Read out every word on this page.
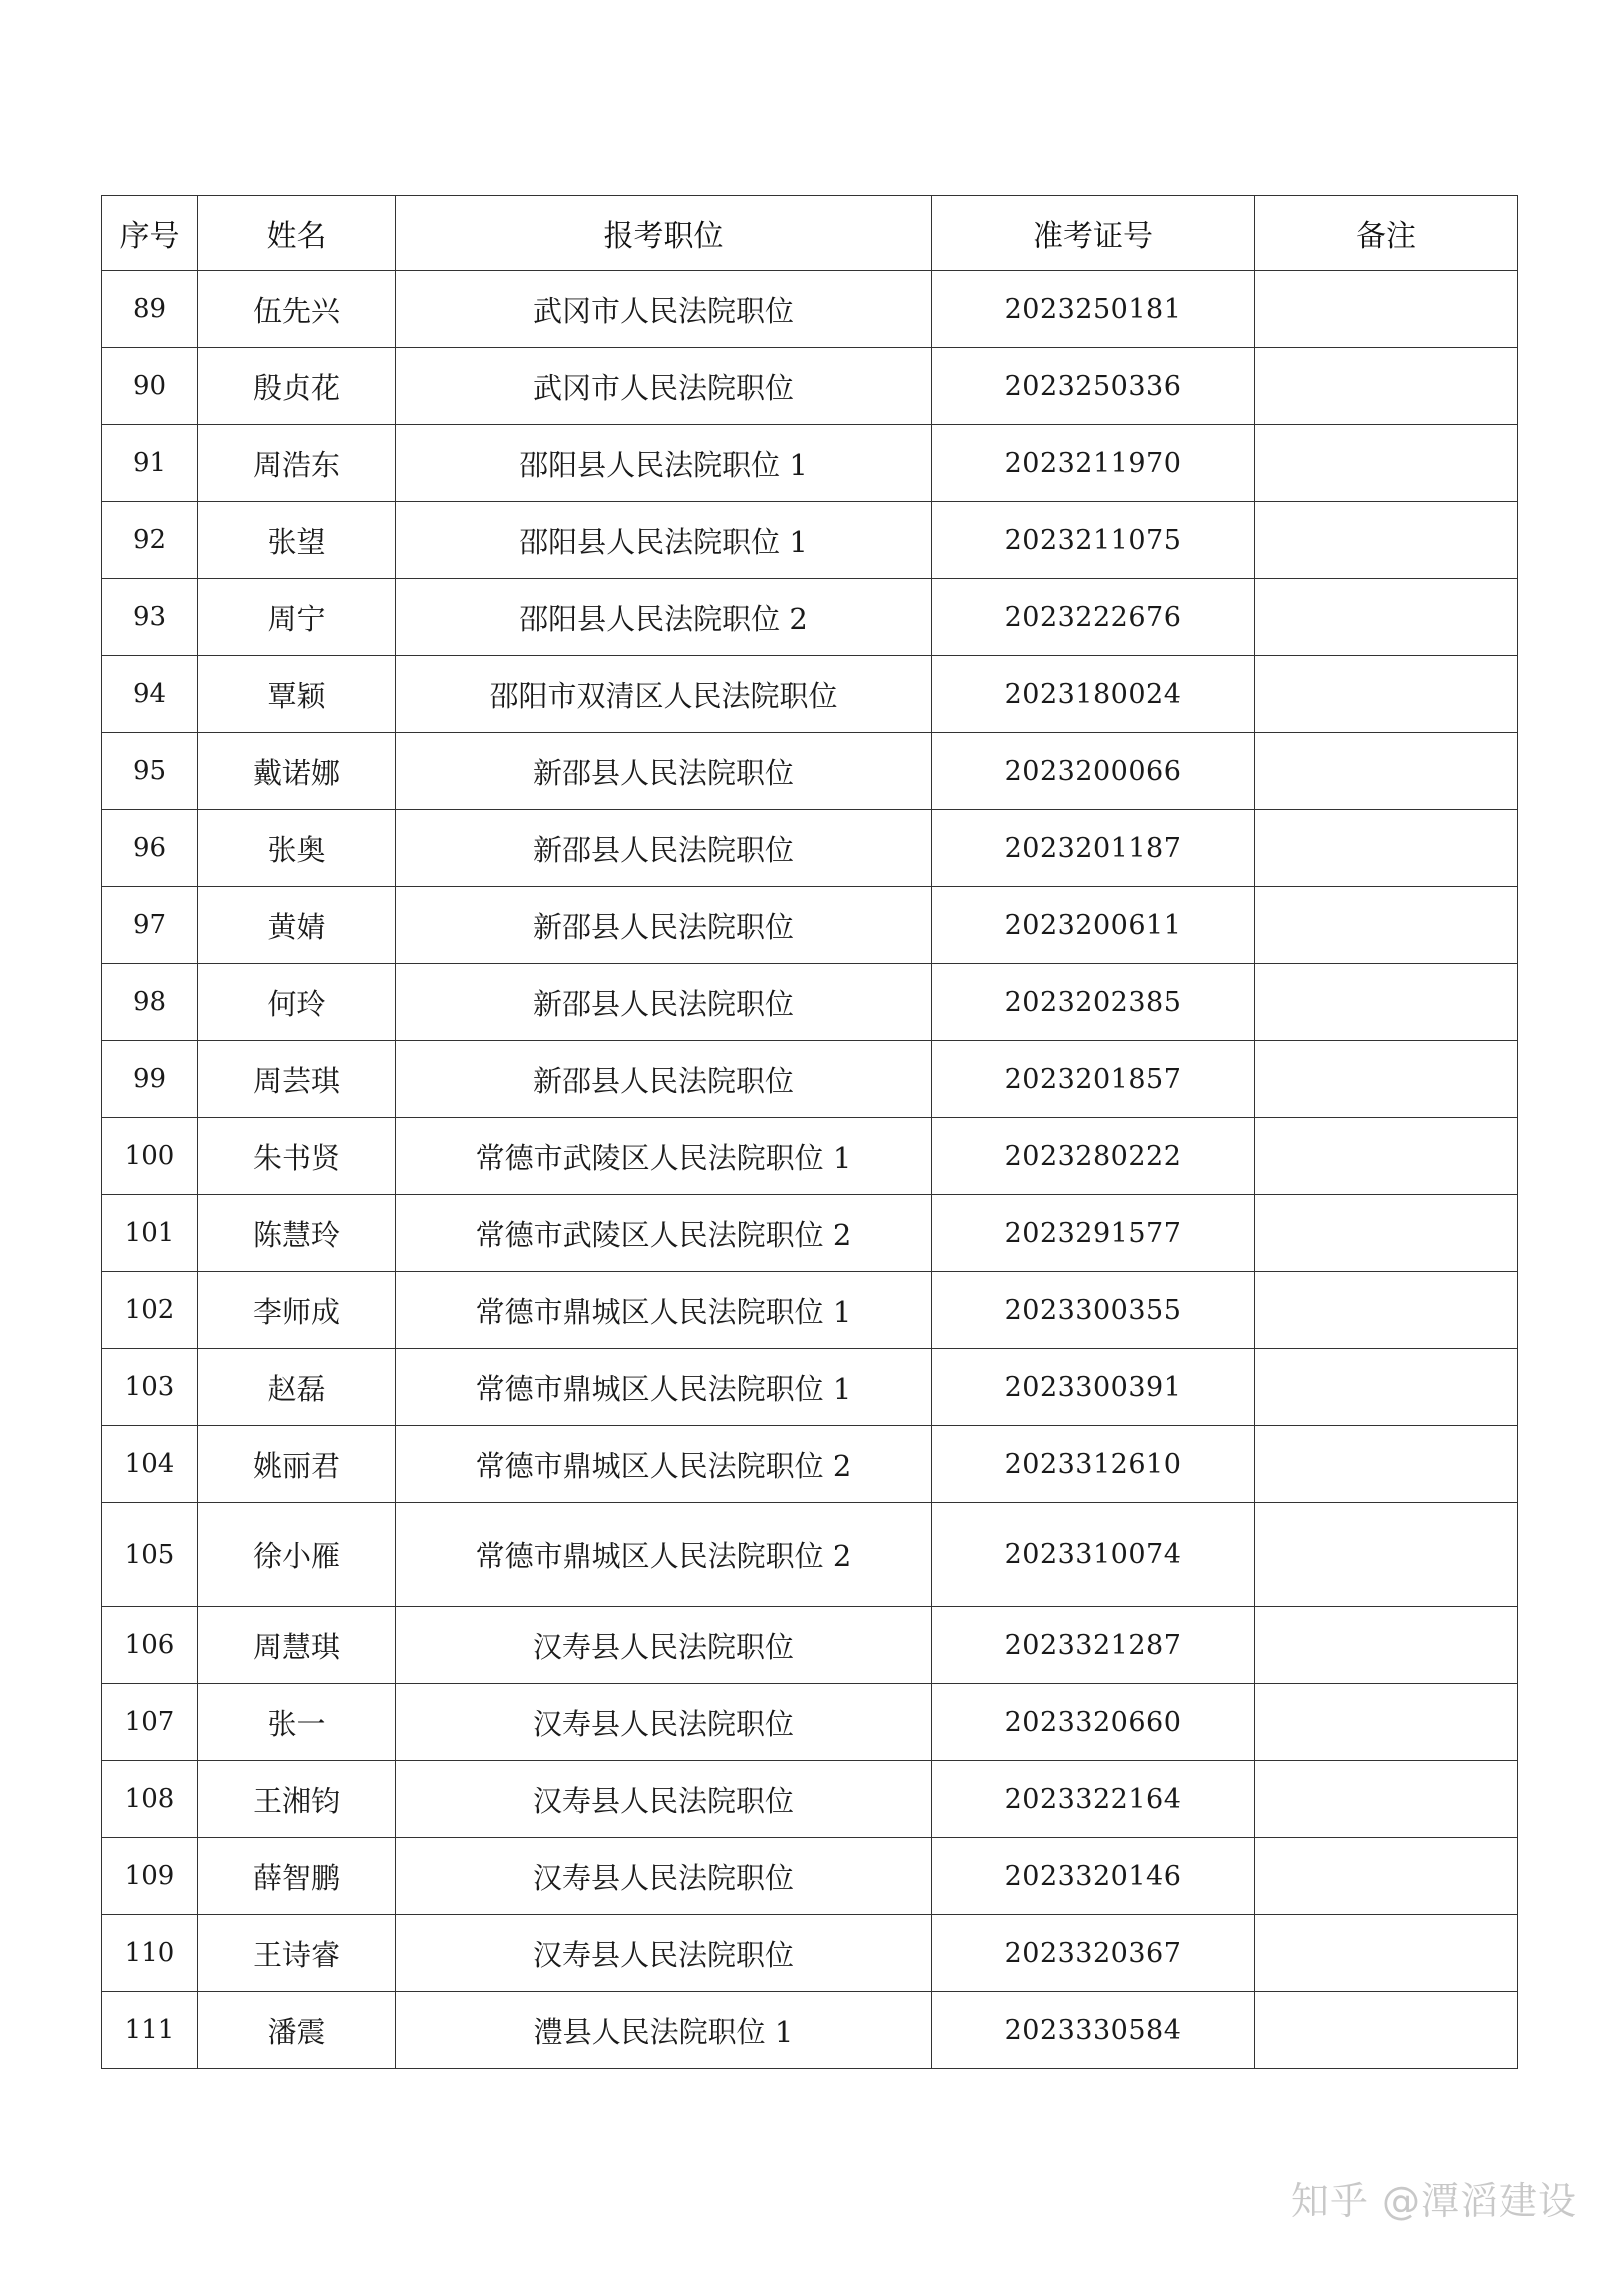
序号	姓名	报考职位	准考证号	备注
89	伍先兴	武冈市人民法院职位	2023250181	
90	殷贞花	武冈市人民法院职位	2023250336	
91	周浩东	邵阳县人民法院职位 1	2023211970	
92	张望	邵阳县人民法院职位 1	2023211075	
93	周宁	邵阳县人民法院职位 2	2023222676	
94	覃颖	邵阳市双清区人民法院职位	2023180024	
95	戴诺娜	新邵县人民法院职位	2023200066	
96	张奥	新邵县人民法院职位	2023201187	
97	黄婧	新邵县人民法院职位	2023200611	
98	何玲	新邵县人民法院职位	2023202385	
99	周芸琪	新邵县人民法院职位	2023201857	
100	朱书贤	常德市武陵区人民法院职位 1	2023280222	
101	陈慧玲	常德市武陵区人民法院职位 2	2023291577	
102	李师成	常德市鼎城区人民法院职位 1	2023300355	
103	赵磊	常德市鼎城区人民法院职位 1	2023300391	
104	姚丽君	常德市鼎城区人民法院职位 2	2023312610	
105	徐小雁	常德市鼎城区人民法院职位 2	2023310074	
106	周慧琪	汉寿县人民法院职位	2023321287	
107	张一	汉寿县人民法院职位	2023320660	
108	王湘钧	汉寿县人民法院职位	2023322164	
109	薛智鹏	汉寿县人民法院职位	2023320146	
110	王诗睿	汉寿县人民法院职位	2023320367	
111	潘震	澧县人民法院职位 1	2023330584	
知乎 @潭滔建设
